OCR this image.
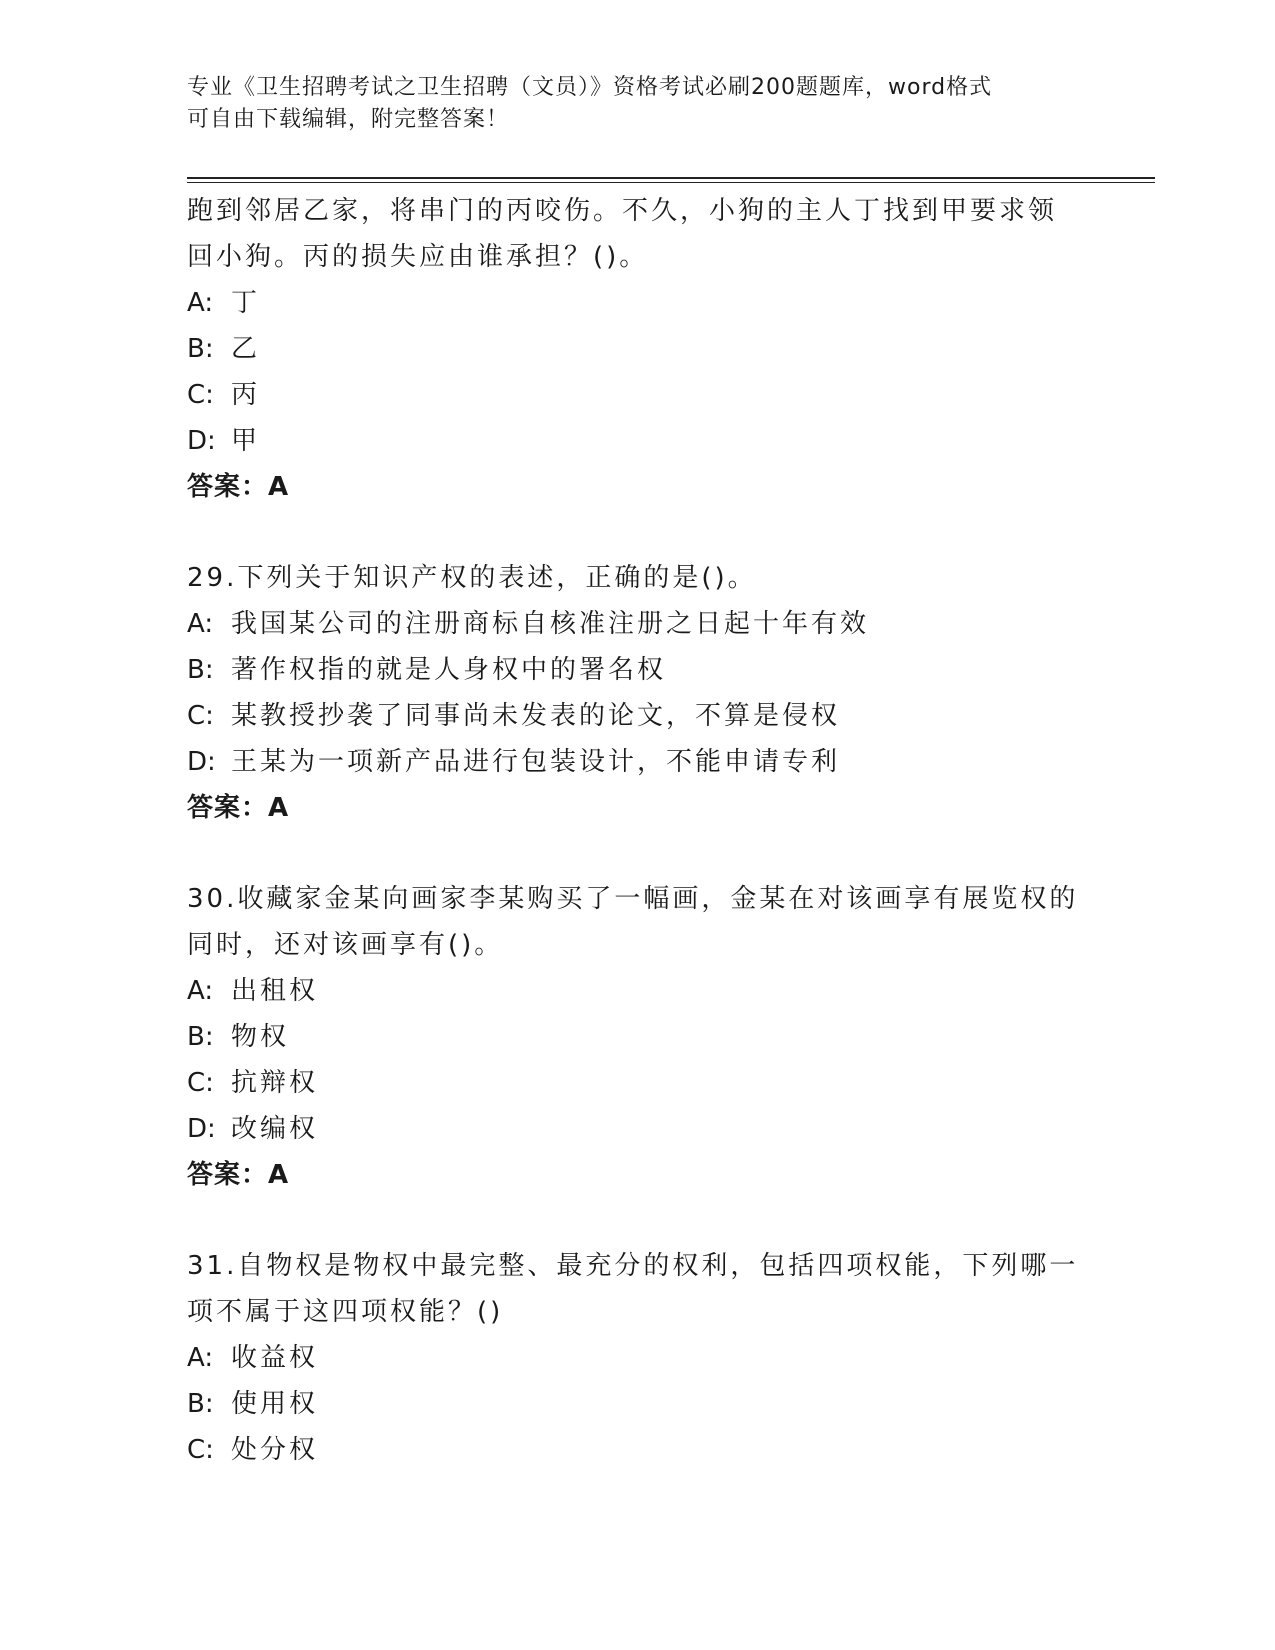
专业《卫生招聘考试之卫生招聘（文员）》资格考试必刷200题题库，word格式
可自由下载编辑，附完整答案！
跑到邻居乙家，将串门的丙咬伤。不久，小狗的主人丁找到甲要求领
回小狗。丙的损失应由谁承担？()。
A: 丁
B: 乙
C: 丙
D: 甲
答案：A
29.下列关于知识产权的表述，正确的是()。
A: 我国某公司的注册商标自核准注册之日起十年有效
B: 著作权指的就是人身权中的署名权
C: 某教授抄袭了同事尚未发表的论文，不算是侵权
D: 王某为一项新产品进行包装设计，不能申请专利
答案：A
30.收藏家金某向画家李某购买了一幅画，金某在对该画享有展览权的
同时，还对该画享有()。
A: 出租权
B: 物权
C: 抗辩权
D: 改编权
答案：A
31.自物权是物权中最完整、最充分的权利，包括四项权能，下列哪一
项不属于这四项权能？()
A: 收益权
B: 使用权
C: 处分权
